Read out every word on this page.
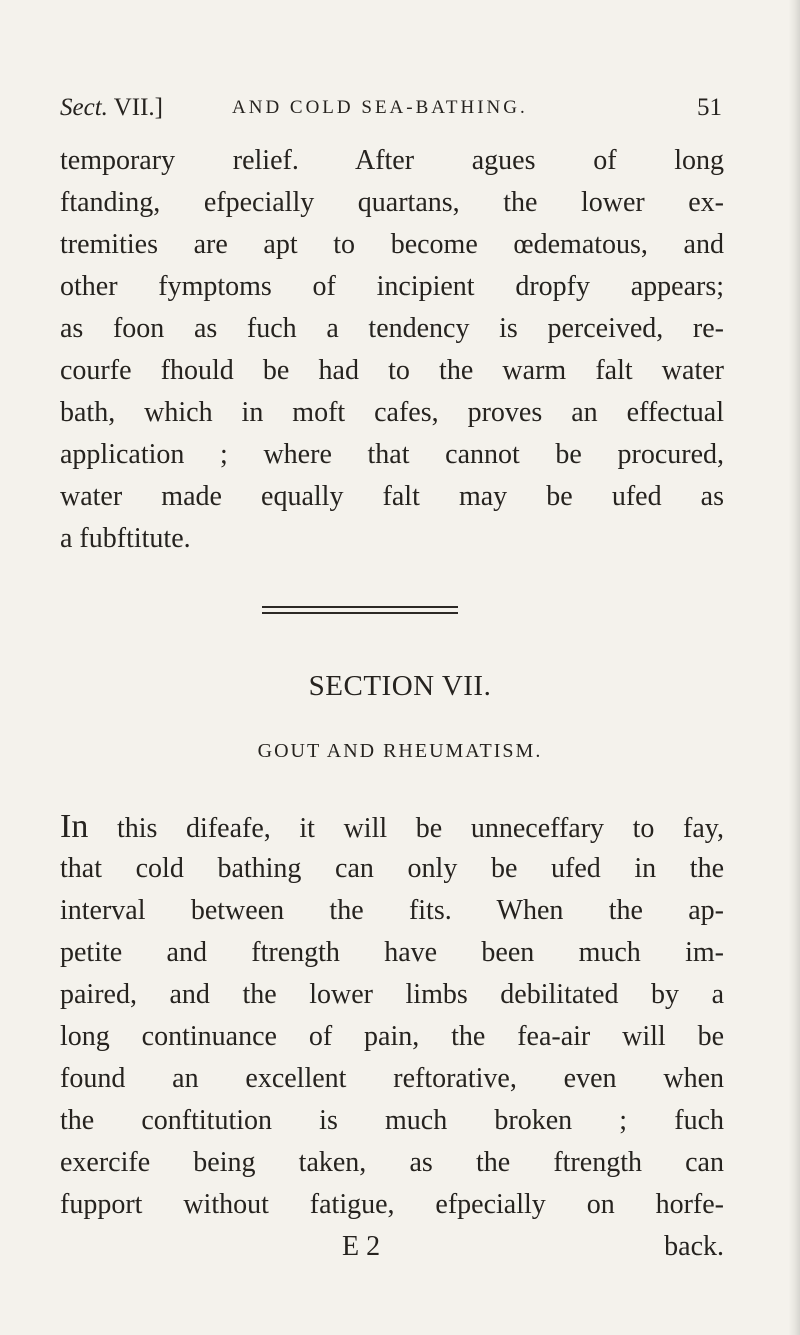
Sect. VII.]	AND COLD SEA-BATHING.	51
temporary relief. After agues of long
ftanding, efpecially quartans, the lower ex-
tremities are apt to become œdematous, and
other fymptoms of incipient dropfy appears;
as foon as fuch a tendency is perceived, re-
courfe fhould be had to the warm falt water
bath, which in moft cafes, proves an effectual
application ; where that cannot be procured,
water made equally falt may be ufed as
a fubftitute.
SECTION VII.
GOUT AND RHEUMATISM.
In this difeafe, it will be unneceffary to fay,
that cold bathing can only be ufed in the
interval between the fits. When the ap-
petite and ftrength have been much im-
paired, and the lower limbs debilitated by a
long continuance of pain, the fea-air will be
found an excellent reftorative, even when
the conftitution is much broken ; fuch
exercife being taken, as the ftrength can
fupport without fatigue, efpecially on horfe-
E 2	back.
